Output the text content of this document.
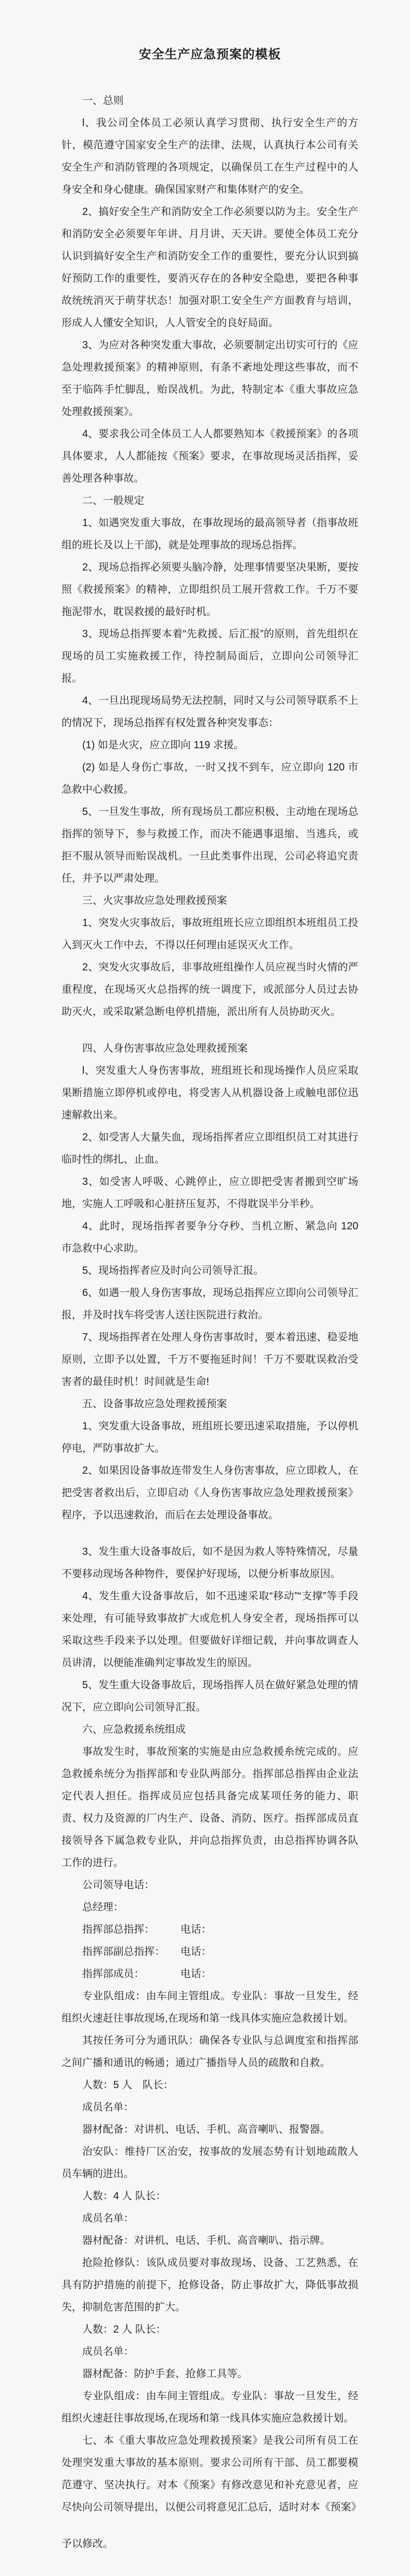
安全生产应急预案的模板

一、总则

l、我公司全体员工必须认真学习贯彻、执行安全生产的方针，模范遵守国家安全生产的法律、法规，认真执行本公司有关安全生产和消防管理的各项规定，以确保员工在生产过程中的人身安全和身心健康。确保国家财产和集体财产的安全。

2、搞好安全生产和消防安全工作必须要以防为主。安全生产和消防安全必须要年年讲、月月讲、天天讲。要使全体员工充分认识到搞好安全生产和消防安全工作的重要性，要充分认识到搞好预防工作的重要性，要消灭存在的各种安全隐患，要把各种事故统统消灭于萌芽状态！加强对职工安全生产方面教育与培训，形成人人懂安全知识，人人管安全的良好局面。

3、为应对各种突发重大事故，必须要制定出切实可行的《应急处理救援预案》的精神原则，有条不紊地处理这些事故，而不至于临阵手忙脚乱，贻误战机。为此，特制定本《重大事故应急处理救援预案》。

4、要求我公司全体员工人人都要熟知本《救援预案》的各项具体要求，人人都能按《预案》要求，在事故现场灵活指挥，妥善处理各种事故。

二、一般规定

1、如遇突发重大事故，在事故现场的最高领导者（指事故班组的班长及以上干部)，就是处理事故的现场总指挥。

2、现场总指挥必须要头脑冷静，处理事情要坚决果断，要按照《救援预案》的精神，立即组织员工展开营救工作。千万不要拖泥带水，耽误救援的最好时机。

3、现场总指挥要本着“先救援、后汇报”的原则，首先组织在现场的员工实施救援工作，待控制局面后，立即向公司领导汇报。

4、一旦出现现场局势无法控制，同时又与公司领导联系不上的情况下，现场总指挥有权处置各种突发事态：

(1) 如是火灾，应立即向 119 求援。

(2) 如是人身伤亡事故，一时又找不到车，应立即向 120 市急救中心救援。

5、一旦发生事故，所有现场员工都应积极、主动地在现场总指挥的领导下，参与救援工作，而决不能遇事退缩、当逃兵，或拒不服从领导而贻误战机。一旦此类事件出现，公司必将追究责任，并予以严肃处理。

三、火灾事故应急处理救援预案

1、突发火灾事故后，事故班组班长应立即组织本班组员工投入到灭火工作中去，不得以任何理由延误灭火工作。

2、突发火灾事故后，非事故班组操作人员应视当时火情的严重程度，在现场灭火总指挥的统一调度下，或派部分人员过去协助灭火，或采取紧急断电停机措施，派出所有人员协助灭火。

四、人身伤害事故应急处理救援预案

l、突发重大人身伤害事故，班组班长和现场操作人员应采取果断措施立即停机或停电，将受害人从机器设备上或触电部位迅速解救出来。

2、如受害人大量失血，现场指挥者应立即组织员工对其进行临时性的绑扎、止血。

3、如受害人呼吸、心跳停止，应立即把受害者搬到空旷场地，实施人工呼吸和心脏挤压复苏，不得耽误半分半秒。

4、此时，现场指挥者要争分夺秒、当机立断、紧急向 120 市急救中心求助。

5、现场指挥者应及时向公司领导汇报。

6、如遇一般人身伤害事故，现场总指挥应立即向公司领导汇报，并及时找车将受害人送往医院进行救治。

7、现场指挥者在处理人身伤害事故时，要本着迅速、稳妥地原则，立即予以处置，千万不要拖延时间！千万不要耽误救治受害者的最佳时机！时间就是生命!

五、设备事故应急处理救援预案

1、突发重大设备事故，班组班长要迅速采取措施，予以停机停电，严防事故扩大。

2、如果因设备事故连带发生人身伤害事故，应立即救人，在把受害者救出后，立即启动《人身伤害事故应急处理救援预案》程序，予以迅速救治，而后在去处理设备事故。

3、发生重大设备事故后，如不是因为救人等特殊情况，尽量不要移动现场各种物件，要保护好现场，以便分析事故原因。

4、发生重大设备事故后，如不迅速采取“移动”“支撑”等手段来处理，有可能导致事故扩大或危机人身安全者，现场指挥可以采取这些手段来予以处理。但要做好详细记载，并向事故调查人员讲清，以便能准确判定事故发生的原因。

5、发生重大设备事故后，现场指挥人员在做好紧急处理的情况下，应立即向公司领导汇报。

六、应急救援糸统组成

事故发生时，事故预案的实施是由应急救援糸统完成的。应急救援糸统分为指挥部和专业队两部分。指挥部总指挥由企业法定代表人担任。指挥成员应包括具备完成某项任务的能力、职责、权力及资源的厂内生产、设备、消防、医疗。指挥部成员直接领导各下属急救专业队，并向总指挥负责，由总指挥协调各队工作的进行。

公司领导电话：

总经理：

指挥部总指挥：　　　电话：

指挥部副总指挥：　　电话：

指挥部成员：　　　　电话：

专业队组成：由车间主管组成。专业队：事故一旦发生，经组织火速赶往事故现场,在现场和第一线具体实施应急救援计划。

其按任务可分为通讯队：确保各专业队与总调度室和指挥部之间广播和通讯的畅通；通过广播指导人员的疏散和自救。

人数：5 人　队长：

成员名单：

器材配备：对讲机、电话、手机、高音喇叭、报警器。

治安队：维持厂区治安，按事故的发展态势有计划地疏散人员车辆的进出。

人数：4 人 队长：

成员名单：

器材配备：对讲机、电话、手机、高音喇叭、指示牌。

抢险抢修队：该队成员要对事故现场、设备、工艺熟悉，在具有防护措施的前提下，抢修设备，防止事故扩大，降低事故损失，抑制危害范围的扩大。

人数：2 人 队长：

成员名单：

器材配备：防护手套、抢修工具等。

专业队组成：由车间主管组成。专业队：事故一旦发生，经组织火速赶往事故现场,在现场和第一线具体实施应急救援计划。

七、本《重大事故应急处理救援预案》是我公司所有员工在处理突发重大事故的基本原则。要求公司所有干部、员工都要模范遵守、坚决执行。对本《预案》有修改意见和补充意见者，应尽快向公司领导提出，以便公司将意见汇总后，适时对本《预案》

予以修改。
